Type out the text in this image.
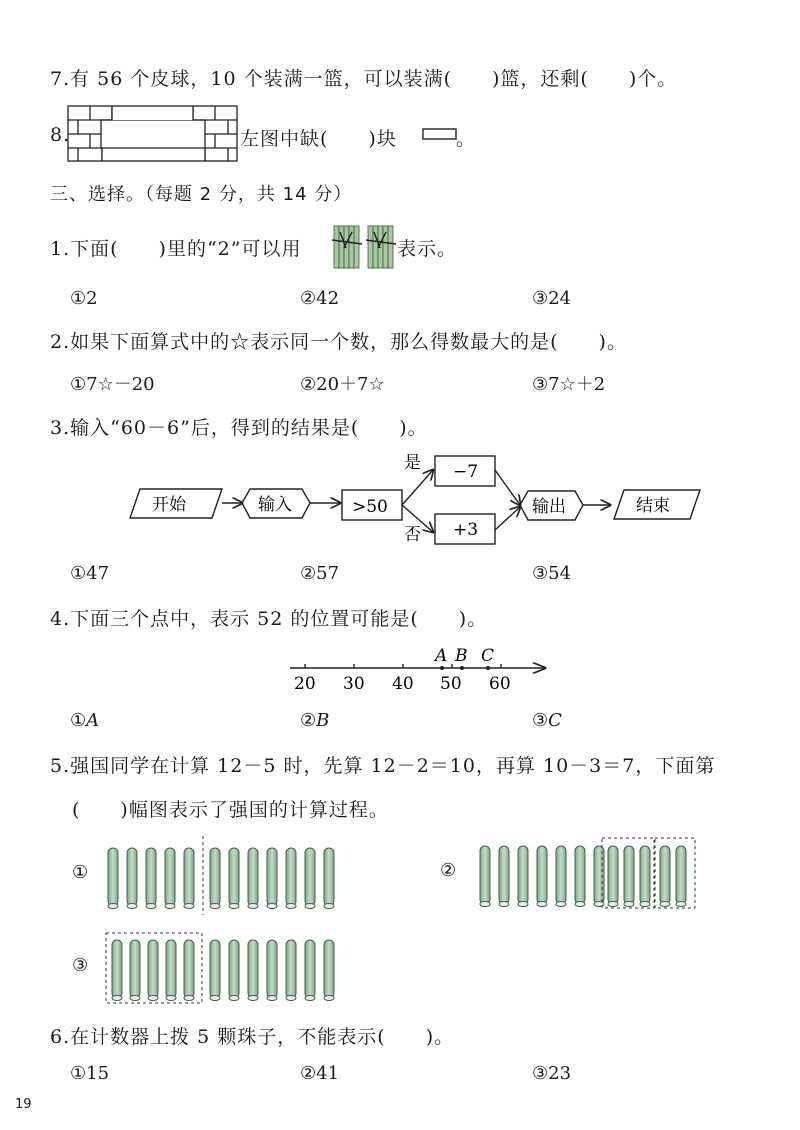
7.有 56 个皮球，10 个装满一篮，可以装满(　　)篮，还剩(　　)个。
8.	左图中缺(　　)块	。
三、选择。（每题 2 分，共 14 分）
1.下面(　　)里的“2”可以用	表示。
①2	②42	③24
2.如果下面算式中的☆表示同一个数，那么得数最大的是(　　)。
①7☆－20	②20＋7☆	③7☆＋2
3.输入“60－6”后，得到的结果是(　　)。
开始	输入	>50
是
否
−7
+3
输出	结束
①47	②57	③54
4.下面三个点中，表示 52 的位置可能是(　　)。
20 30 40 50 60
A B C
①A	②B	③C
5.强国同学在计算 12－5 时，先算 12－2＝10，再算 10－3＝7，下面第
(　　)幅图表示了强国的计算过程。
①	②
③
6.在计数器上拨 5 颗珠子，不能表示(　　)。
①15	②41	③23
19
